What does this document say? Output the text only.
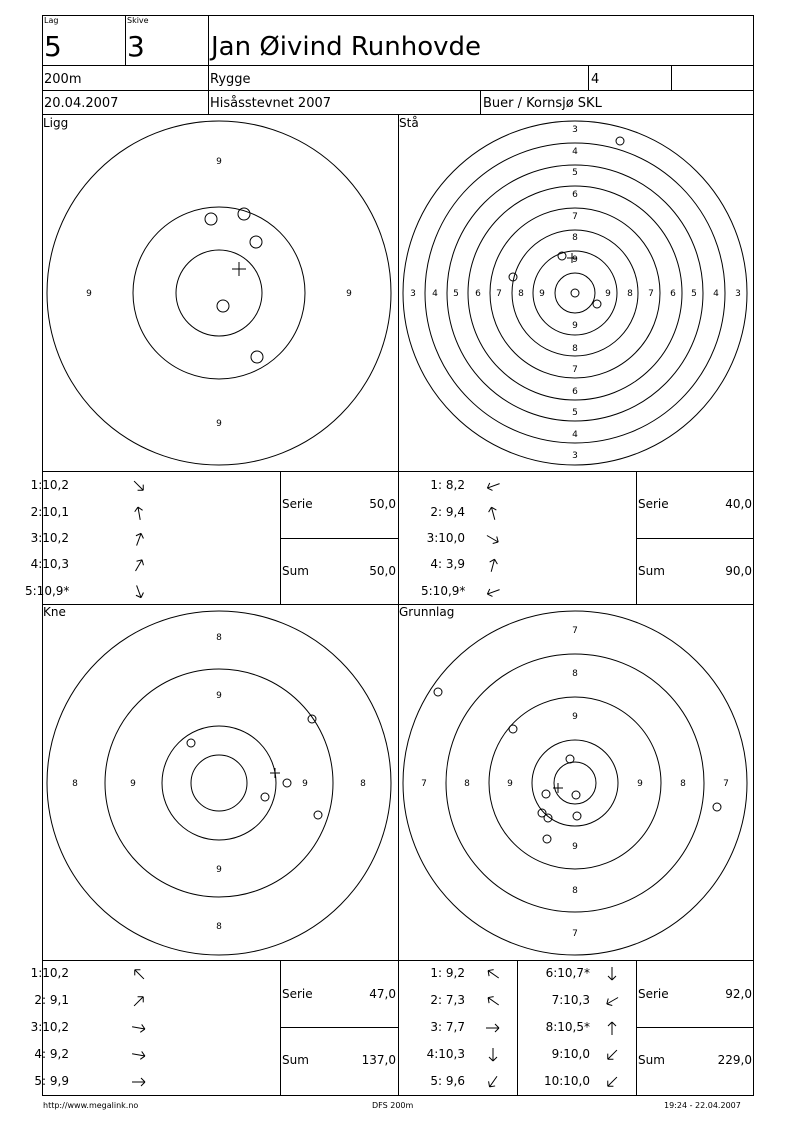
Lag
5
Skive
3	Jan Øivind Runhovde
200m	Rygge	4
20.04.2007	Hisåsstevnet 2007	Buer / Kornsjø SKL
Ligg	Stå
Kne	Grunnlag
9
9
9	9
3
4
5
6
7
8
9
9
8
7
6
5
4
3
3 4 5 6 7 8 9	9 8 7 6 5 4 3
8
9
9
8
8	9	9	8
7
8
9
9
8
7
7	8	9	9	8	7
1:10,2
2:10,1
3:10,2
4:10,3
5:10,9*
1: 8,2
2: 9,4
3:10,0
4: 3,9
5:10,9*
1:10,2
2: 9,1
3:10,2
4: 9,2
5: 9,9
1: 9,2
2: 7,3
3: 7,7
4:10,3
5: 9,6
6:10,7*
7:10,3
8:10,5*
9:10,0
10:10,0
Serie	50,0
Sum	50,0
Serie	40,0
Sum	90,0
Serie	47,0
Sum	137,0
Serie	92,0
Sum	229,0
http://www.megalink.no	DFS 200m	19:24 - 22.04.2007
